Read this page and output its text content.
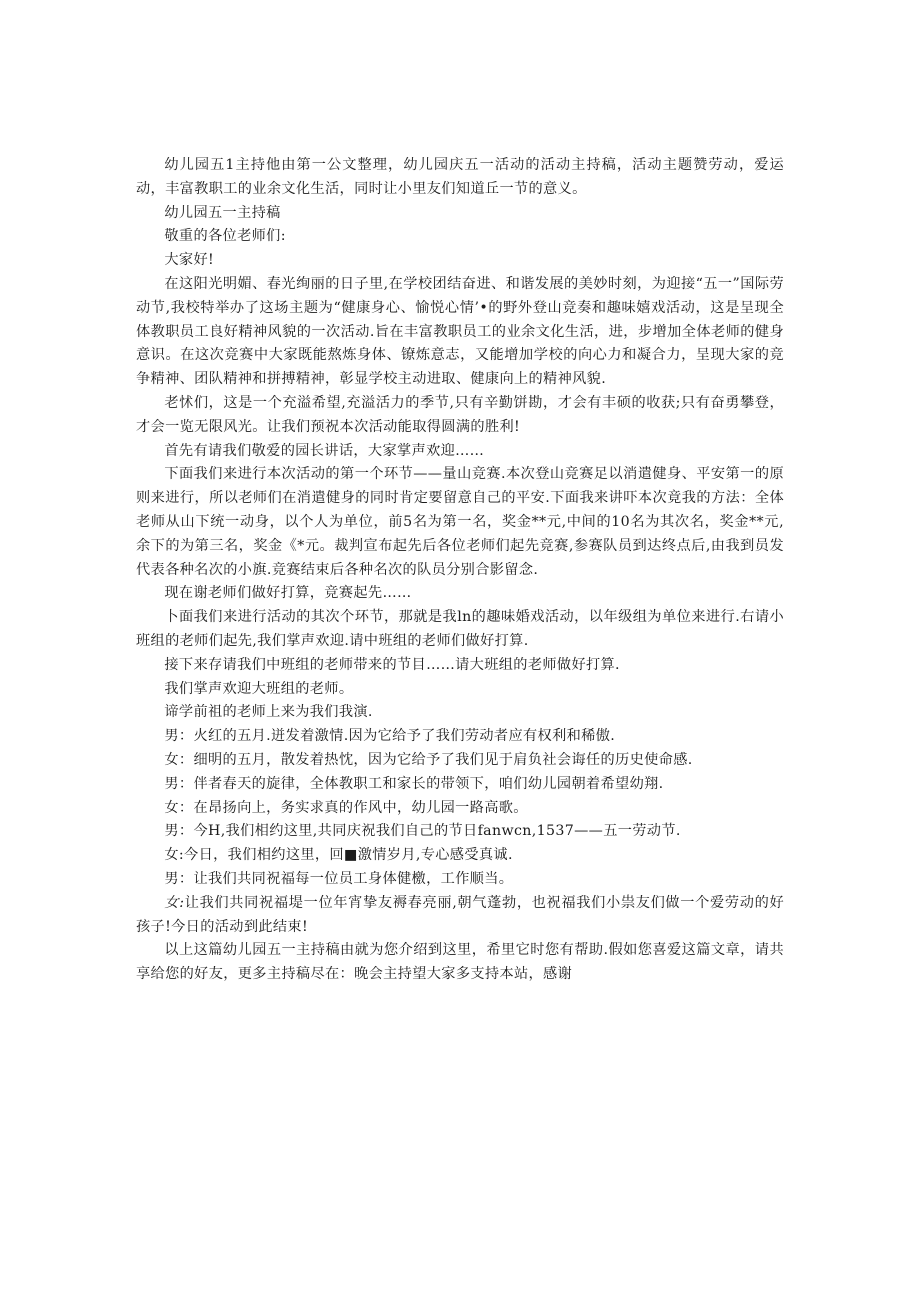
幼儿园五1主持他由第一公文整理，幼儿园庆五一活动的活动主持稿，活动主题赞劳动，爱运动，丰富教职工的业余文化生活，同时让小里友们知道丘一节的意义。

幼儿园五一主持稿

敬重的各位老师们:

大家好!

在这阳光明媚、春光绚丽的日子里,在学校团结奋进、和谐发展的美妙时刻，为迎接“五一”国际劳动节,我校特举办了这场主题为“健康身心、愉悦心情’•的野外登山竞奏和趣味嬉戏活动，这是呈现全体教职员工良好精神风貌的一次活动.旨在丰富教职员工的业余文化生活，进，步增加全体老师的健身意识。在这次竞赛中大家既能熬炼身体、镣炼意志，又能增加学校的向心力和凝合力，呈现大家的竞争精神、团队精神和拼搏精神，彰显学校主动进取、健康向上的精神风貌.

老怵们，这是一个充溢希望,充溢活力的季节,只有辛勤饼勘，才会有丰硕的收获;只有奋勇攀登，才会一览无限风光。让我们预祝本次活动能取得圆满的胜利!

首先有请我们敬爱的园长讲话，大家掌声欢迎……

下面我们来进行本次活动的第一个环节——量山竞赛.本次登山竞赛足以消遣健身、平安第一的原则来进行，所以老师们在消遣健身的同时肯定要留意自己的平安.下面我来讲吓本次竟我的方法：全体老师从山下统一动身，以个人为单位，前5名为第一名，奖金**元,中间的10名为其次名，奖金**元,余下的为第三名，奖金《*元。裁判宣布起先后各位老师们起先竞赛,参赛队员到达终点后,由我到员发代表各种名次的小旗.竞赛结束后各种名次的队员分别合影留念.

现在谢老师们做好打算，竞赛起先……

卜面我们来进行活动的其次个环节，那就是我ln的趣味婚戏活动，以年级组为单位来进行.右请小班组的老师们起先,我们掌声欢迎.请中班组的老师们做好打算.

接下来存请我们中班组的老师带来的节目……请大班组的老师做好打算.

我们掌声欢迎大班组的老师。

谛学前祖的老师上来为我们我演.

男：火红的五月.迸发着激情.因为它给予了我们劳动者应有权利和稀傲.

女：细明的五月，散发着热忱，因为它给予了我们见于肩负社会诲任的历史使命感.

男：伴者春天的旋律，全体教职工和家长的带领下，咱们幼儿园朝着希望幼翔.

女：在昂扬向上，务实求真的作风中，幼儿园一路高歌。

男：今H,我们相约这里,共同庆祝我们自己的节日fanwcn,1537——五一劳动节.

女:今日，我们相约这里，回■激情岁月,专心感受真诚.

男：让我们共同祝福每一位员工身体健檄，工作顺当。

女:让我们共同祝福堤一位年宵挚友褥春亮丽,朝气蓬勃，也祝福我们小祟友们做一个爱劳动的好孩子!今日的活动到此结束!

以上这篇幼儿园五一主持稿由就为您介绍到这里，希里它时您有帮助.假如您喜爱这篇文章，请共享给您的好友，更多主持稿尽在：晚会主持望大家多支持本站，感谢
